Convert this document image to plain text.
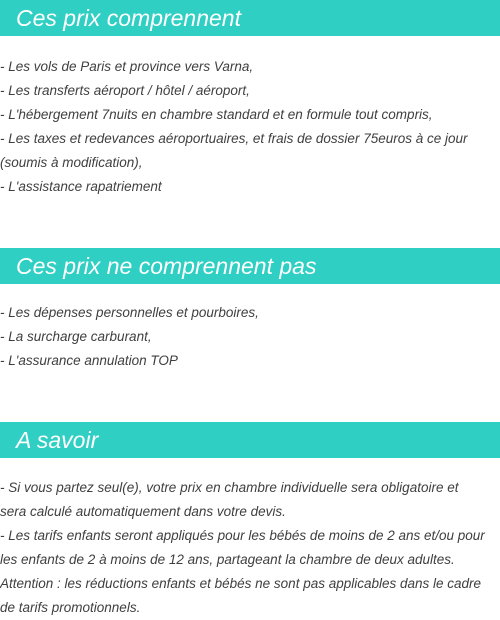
Ces prix comprennent
- Les vols de Paris et province vers Varna,
- Les transferts aéroport / hôtel / aéroport,
- L'hébergement 7nuits en chambre standard et en formule tout compris,
- Les taxes et redevances aéroportuaires, et frais de dossier 75euros à ce jour
(soumis à modification),
- L'assistance rapatriement
Ces prix ne comprennent pas
- Les dépenses personnelles et pourboires,
- La surcharge carburant,
- L'assurance annulation TOP
A savoir
- Si vous partez seul(e), votre prix en chambre individuelle sera obligatoire et
sera calculé automatiquement dans votre devis.
- Les tarifs enfants seront appliqués pour les bébés de moins de 2 ans et/ou pour
les enfants de 2 à moins de 12 ans, partageant la chambre de deux adultes.
Attention : les réductions enfants et bébés ne sont pas applicables dans le cadre
de tarifs promotionnels.
